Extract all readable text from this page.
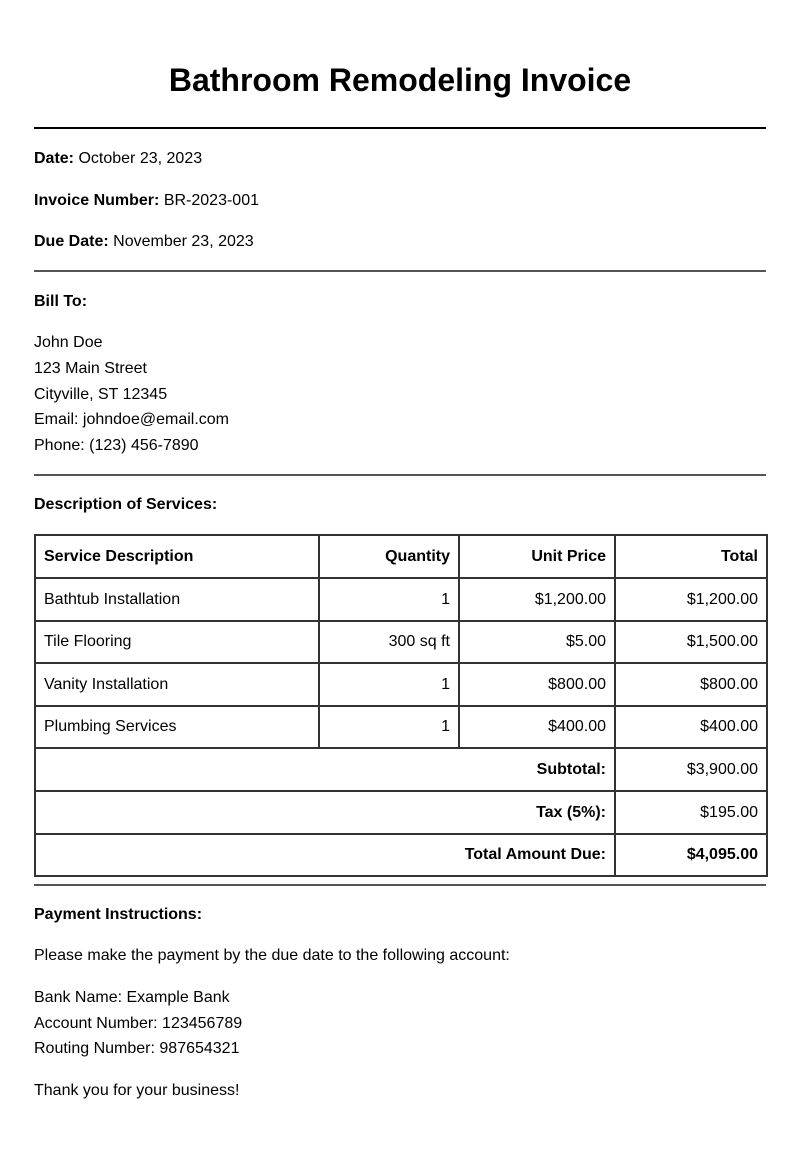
Bathroom Remodeling Invoice
Date: October 23, 2023
Invoice Number: BR-2023-001
Due Date: November 23, 2023
Bill To:
John Doe
123 Main Street
Cityville, ST 12345
Email: johndoe@email.com
Phone: (123) 456-7890
Description of Services:
Service Description	Quantity	Unit Price	Total
Bathtub Installation	1	$1,200.00	$1,200.00
Tile Flooring	300 sq ft	$5.00	$1,500.00
Vanity Installation	1	$800.00	$800.00
Plumbing Services	1	$400.00	$400.00
Subtotal:			$3,900.00
Tax (5%):			$195.00
Total Amount Due:			$4,095.00
Payment Instructions:
Please make the payment by the due date to the following account:
Bank Name: Example Bank
Account Number: 123456789
Routing Number: 987654321
Thank you for your business!
